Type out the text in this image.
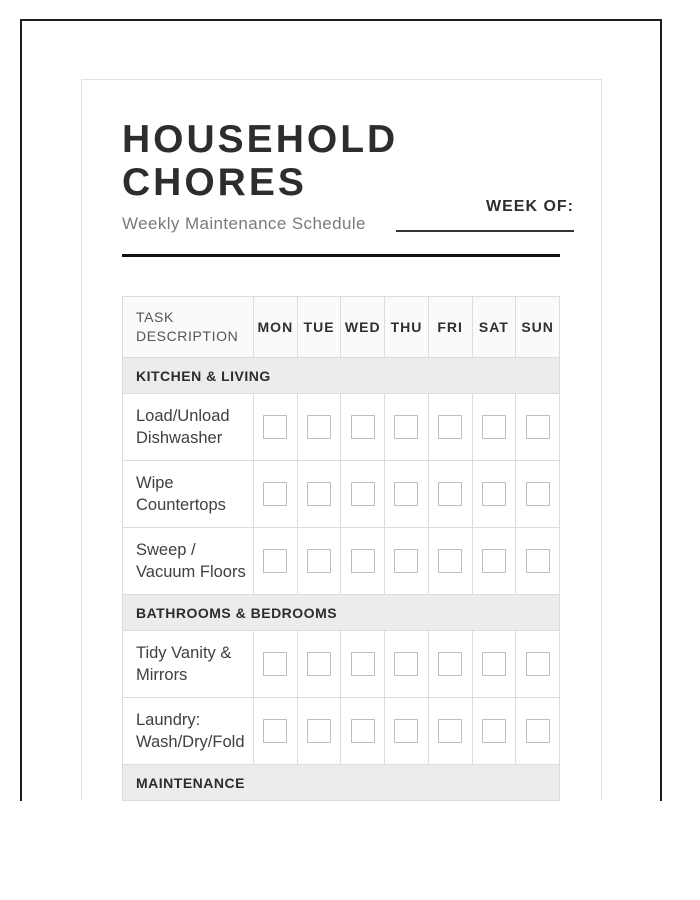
HOUSEHOLD CHORES
Weekly Maintenance Schedule
WEEK OF:
TASK DESCRIPTION	MON	TUE	WED	THU	FRI	SAT	SUN
KITCHEN & LIVING							
Load/Unload Dishwasher	

Wipe Countertops	

Sweep / Vacuum Floors	

BATHROOMS & BEDROOMS							
Tidy Vanity & Mirrors	

Laundry: Wash/Dry/Fold	

MAINTENANCE							
